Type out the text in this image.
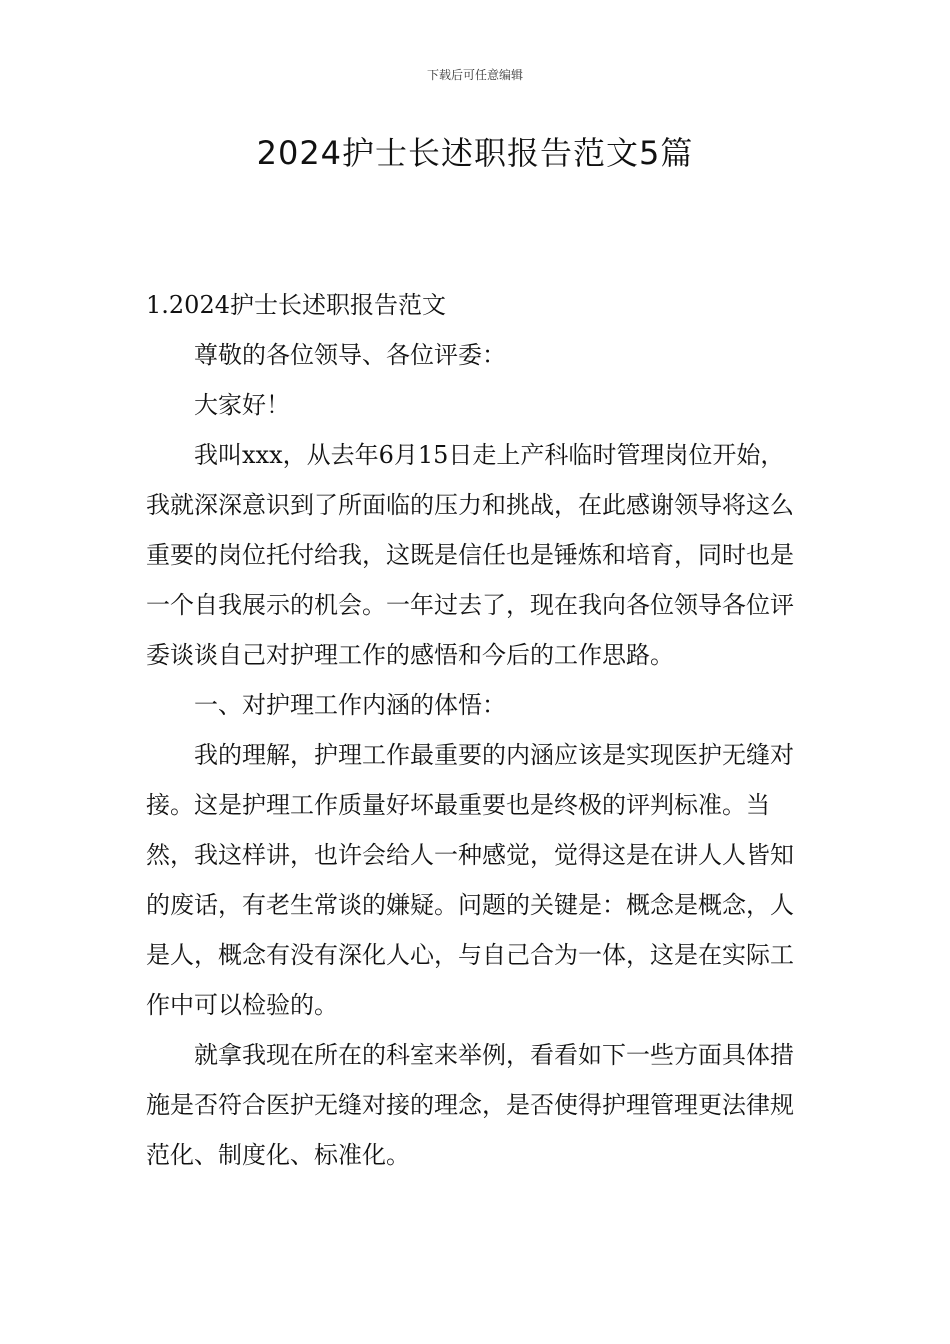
下载后可任意编辑
2024护士长述职报告范文5篇

1.2024护士长述职报告范文

尊敬的各位领导、各位评委：

大家好！

我叫xxx，从去年6月15日走上产科临时管理岗位开始，我就深深意识到了所面临的压力和挑战，在此感谢领导将这么重要的岗位托付给我，这既是信任也是锤炼和培育，同时也是一个自我展示的机会。一年过去了，现在我向各位领导各位评委谈谈自己对护理工作的感悟和今后的工作思路。

一、对护理工作内涵的体悟：

我的理解，护理工作最重要的内涵应该是实现医护无缝对接。这是护理工作质量好坏最重要也是终极的评判标准。当然，我这样讲，也许会给人一种感觉，觉得这是在讲人人皆知的废话，有老生常谈的嫌疑。问题的关键是：概念是概念，人是人，概念有没有深化人心，与自己合为一体，这是在实际工作中可以检验的。

就拿我现在所在的科室来举例，看看如下一些方面具体措施是否符合医护无缝对接的理念，是否使得护理管理更法律规范化、制度化、标准化。
